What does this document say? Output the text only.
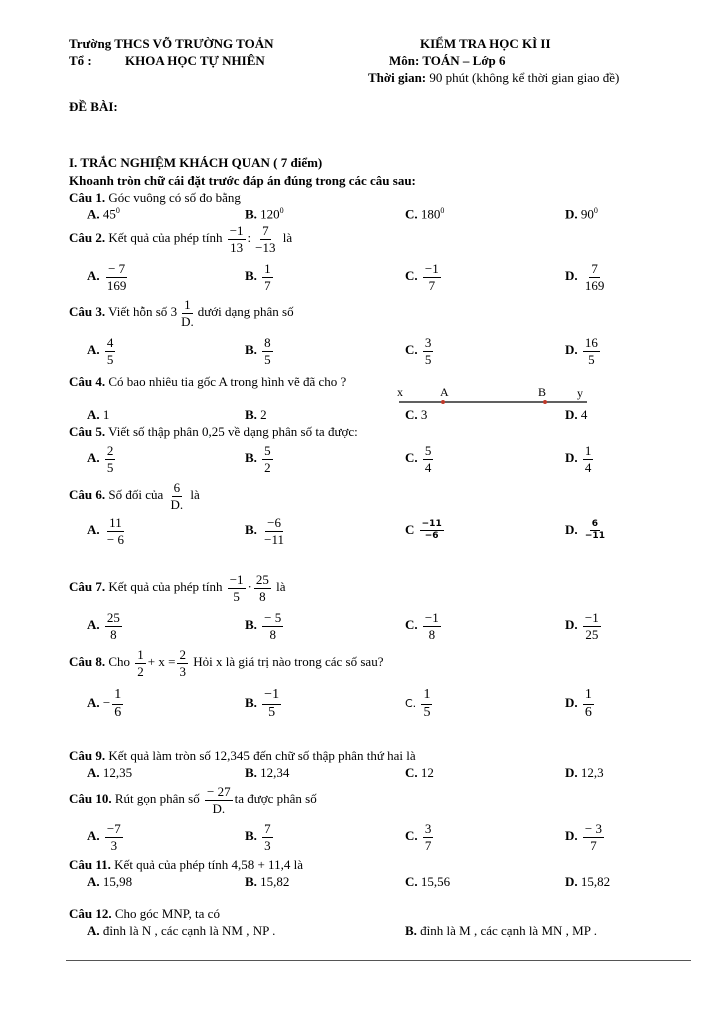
Trường THCS VÕ TRƯỜNG TOẢN
Tổ :	KHOA HỌC TỰ NHIÊN
KIỂM TRA HỌC KÌ II
Môn: TOÁN – Lớp 6
Thời gian: 90 phút (không kể thời gian giao đề)
ĐỀ BÀI:
I. TRẮC NGHIỆM KHÁCH QUAN ( 7 điểm)
Khoanh tròn chữ cái đặt trước đáp án đúng trong các câu sau:
Câu 1. Góc vuông có số đo bằng
A. $45^0$	B. $120^0$	C. $180^0$	D. $90^0$
Câu 2. Kết quả của phép tính $\frac{-1}{13}$ : $\frac{7}{-13}$ là
A. $\frac{- 7}{169}$	B. $\frac{1}{7}$	C. $\frac{-1}{7}$	D. $\frac{7}{169}$
Câu 3. Viết hỗn số $3 \frac{1}{D.}$ dưới dạng phân số
A. $\frac{4}{5}$	B. $\frac{8}{5}$	C. $\frac{3}{5}$	D. $\frac{16}{5}$
Câu 4. Có bao nhiêu tia gốc A trong hình vẽ đã cho ?
x	A	B	y
A. 1	B. 2	C. 3	D. 4
Câu 5. Viết số thập phân 0,25 về dạng phân số ta được:
A. $\frac{2}{5}$	B. $\frac{5}{2}$	C. $\frac{5}{4}$	D. $\frac{1}{4}$
Câu 6. Số đối của $\frac{6}{D.}$ là
A. $\frac{11}{- 6}$	B. $\frac{-6}{-11}$	C $\frac{-11}{-6}$	D. $\frac{6}{-11}$
Câu 7. Kết quả của phép tính $\frac{-1}{5} \cdot \frac{25}{8}$ là
A. $\frac{25}{8}$	B. $\frac{- 5}{8}$	C. $\frac{-1}{8}$	D. $\frac{-1}{25}$
Câu 8. Cho $\frac{1}{2} + x = \frac{2}{3}$ Hỏi x là giá trị nào trong các số sau?
A. − $\frac{1}{6}$	B. $\frac{-1}{5}$	C. $\frac{1}{5}$	D. $\frac{1}{6}$
Câu 9. Kết quả làm tròn số 12,345 đến chữ số thập phân thứ hai là
A. 12,35	B. 12,34	C. 12	D. 12,3
Câu 10. Rút gọn phân số $\frac{- 27}{D.}$ ta được phân số
A. $\frac{-7}{3}$	B. $\frac{7}{3}$	C. $\frac{3}{7}$	D. $\frac{- 3}{7}$
Câu 11. Kết quả của phép tính 4,58 + 11,4 là
A. 15,98	B. 15,82	C. 15,56	D. 15,82
Câu 12. Cho góc MNP, ta có
A. đỉnh là N , các cạnh là NM , NP .	B. đỉnh là M , các cạnh là MN , MP .
